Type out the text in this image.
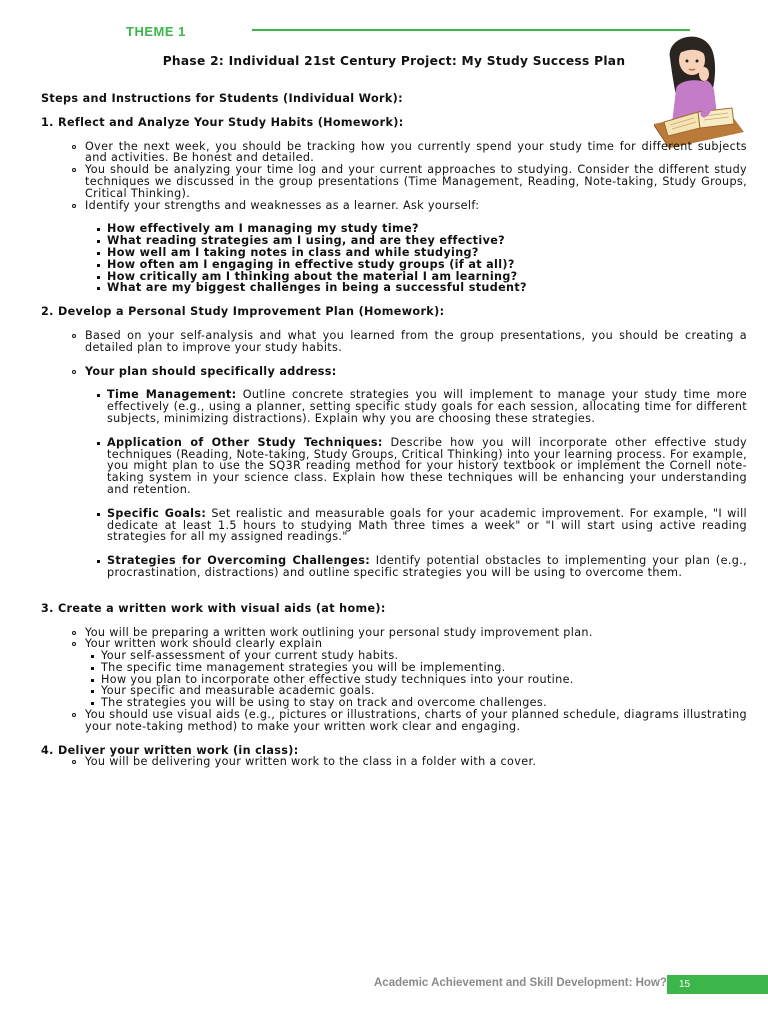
THEME 1
Phase 2: Individual 21st Century Project: My Study Success Plan

Steps and Instructions for Students (Individual Work):

1. Reflect and Analyze Your Study Habits (Homework):

Over the next week, you should be tracking how you currently spend your study time for different subjects and activities. Be honest and detailed.
You should be analyzing your time log and your current approaches to studying. Consider the different study techniques we discussed in the group presentations (Time Management, Reading, Note-taking, Study Groups, Critical Thinking).
Identify your strengths and weaknesses as a learner. Ask yourself:
How effectively am I managing my study time?
What reading strategies am I using, and are they effective?
How well am I taking notes in class and while studying?
How often am I engaging in effective study groups (if at all)?
How critically am I thinking about the material I am learning?
What are my biggest challenges in being a successful student?

2. Develop a Personal Study Improvement Plan (Homework):

Based on your self-analysis and what you learned from the group presentations, you should be creating a detailed plan to improve your study habits.
Your plan should specifically address:
Time Management: Outline concrete strategies you will implement to manage your study time more effectively (e.g., using a planner, setting specific study goals for each session, allocating time for different subjects, minimizing distractions). Explain why you are choosing these strategies.
Application of Other Study Techniques: Describe how you will incorporate other effective study techniques (Reading, Note-taking, Study Groups, Critical Thinking) into your learning process. For example, you might plan to use the SQ3R reading method for your history textbook or implement the Cornell note-taking system in your science class. Explain how these techniques will be enhancing your understanding and retention.
Specific Goals: Set realistic and measurable goals for your academic improvement. For example, "I will dedicate at least 1.5 hours to studying Math three times a week" or "I will start using active reading strategies for all my assigned readings."
Strategies for Overcoming Challenges: Identify potential obstacles to implementing your plan (e.g., procrastination, distractions) and outline specific strategies you will be using to overcome them.

3. Create a written work with visual aids (at home):

You will be preparing a written work outlining your personal study improvement plan.
Your written work should clearly explain
Your self-assessment of your current study habits.
The specific time management strategies you will be implementing.
How you plan to incorporate other effective study techniques into your routine.
Your specific and measurable academic goals.
The strategies you will be using to stay on track and overcome challenges.
You should use visual aids (e.g., pictures or illustrations, charts of your planned schedule, diagrams illustrating your note-taking method) to make your written work clear and engaging.

4. Deliver your written work (in class):

You will be delivering your written work to the class in a folder with a cover.
Academic Achievement and Skill Development: How? 15
